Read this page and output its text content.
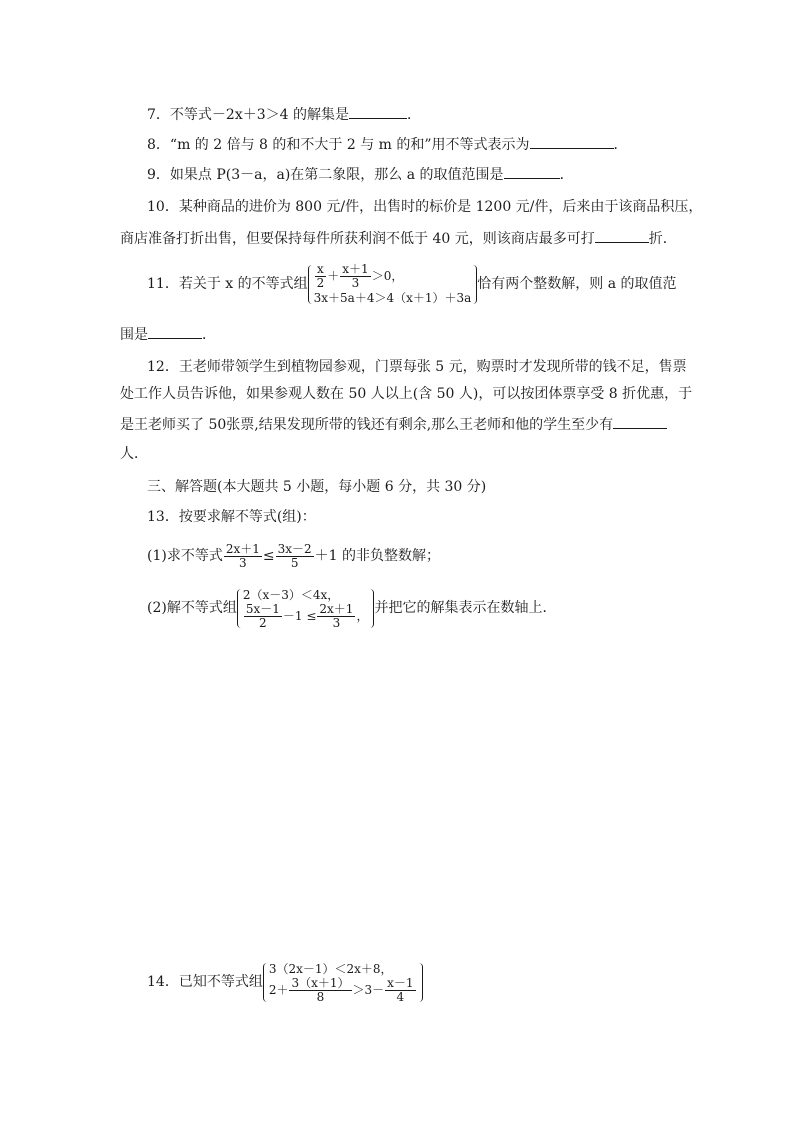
7．不等式－2x＋3＞4 的解集是	．
8．“m 的 2 倍与 8 的和不大于 2 与 m 的和”用不等式表示为	．
9．如果点 P(3－a，a)在第二象限，那么 a 的取值范围是	．
10．某种商品的进价为 800 元/件，出售时的标价是 1200 元/件，后来由于该商品积压，
商店准备打折出售，但要保持每件所获利润不低于 40 元，则该商店最多可打	折．
11．若关于 x 的不等式组 $\frac{x}{2} + \frac{x+1}{3} >0$，
3x＋5a＋4＞4（x＋1）＋3a
恰有两个整数解，则 a 的取值范
围是	．
12．王老师带领学生到植物园参观，门票每张 5 元，购票时才发现所带的钱不足，售票
处工作人员告诉他，如果参观人数在 50 人以上(含 50 人)，可以按团体票享受 8 折优惠，于
是王老师买了 50张票,结果发现所带的钱还有剩余,那么王老师和他的学生至少有
人．
三、解答题(本大题共 5 小题，每小题 6 分，共 30 分)
13．按要求解不等式(组)：
(1)求不等式 $\frac{2x+1}{3} \le \frac{3x-2}{5} +1$ 的非负整数解；
(2)解不等式组
2（x－3）＜4x，
$\frac{5x-1}{2} -1 \le \frac{2x+1}{3}$ ， 并把它的解集表示在数轴上．
14．已知不等式组
3（2x－1）＜2x＋8，
$2+ \frac{3(x+1)}{8} >3- \frac{x-1}{4}$
